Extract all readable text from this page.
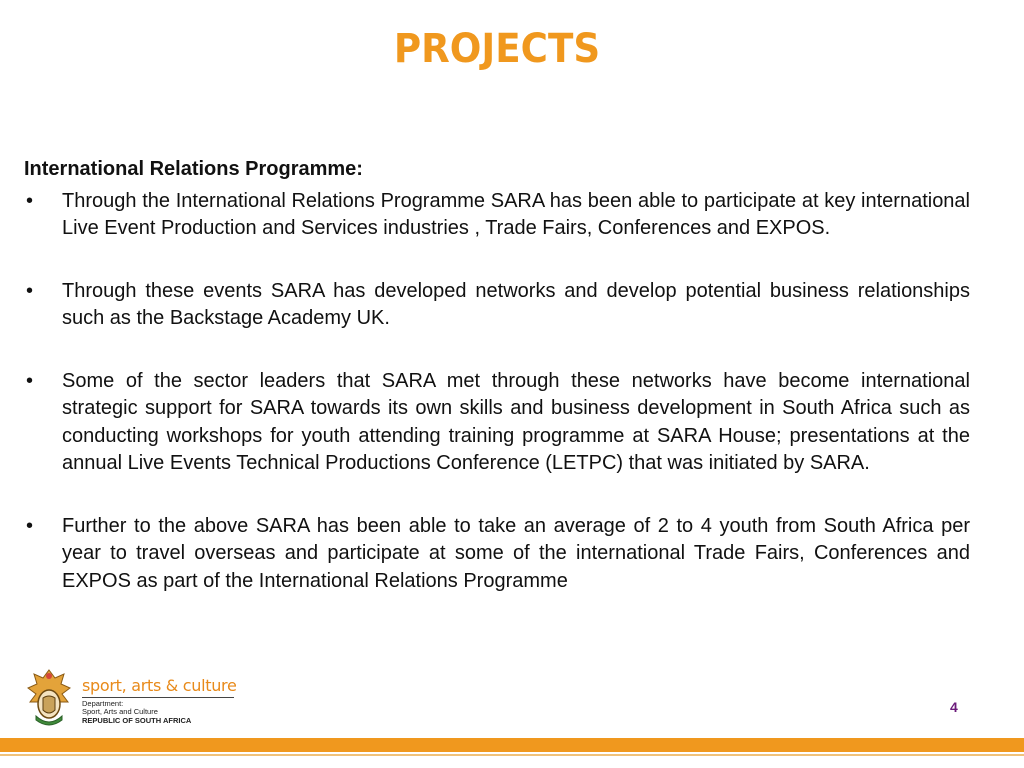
PROJECTS
International Relations Programme:
• Through the International Relations Programme SARA has been able to participate at key international Live Event Production and Services industries , Trade Fairs, Conferences and EXPOS.
• Through these events SARA has developed networks and develop potential business relationships such as the Backstage Academy UK.
• Some of the sector leaders that SARA met through these networks have become international strategic support for SARA towards its own skills and business development in South Africa such as conducting workshops for youth attending training programme at SARA House; presentations at the annual Live Events Technical Productions Conference (LETPC) that was initiated by SARA.
• Further to the above SARA has been able to take an average of 2 to 4 youth from South Africa per year to travel overseas and participate at some of the international Trade Fairs, Conferences and EXPOS as part of the International Relations Programme
sport, arts & culture
Department:
Sport, Arts and Culture
REPUBLIC OF SOUTH AFRICA
4
